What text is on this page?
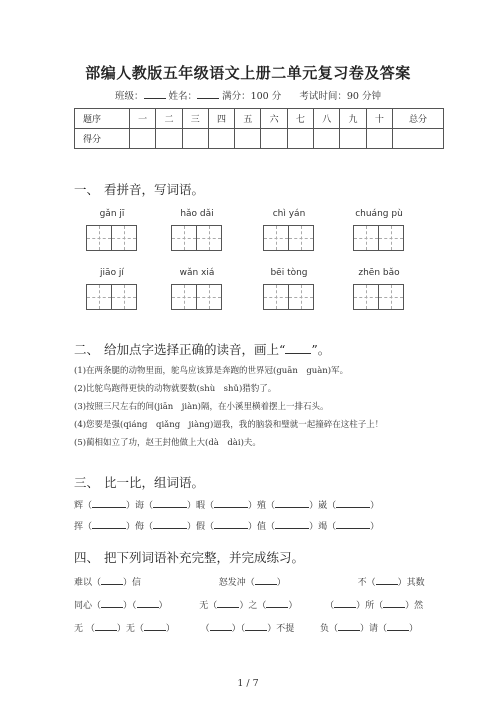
部编人教版五年级语文上册二单元复习卷及答案
班级：	姓名：	满分：100 分 考试时间：90 分钟
题序	一	二	三	四	五	六	七	八	九	十	总分
得分											
一、 看拼音，写词语。
gǎn jī	hǎo dǎi	chì yán	chuáng pù
jiāo jí	wǎn xiá	bēi tòng	zhēn bǎo
二、 给加点字选择正确的读音，画上“ ”。
(1)在两条腿的动物里面，鸵鸟应该算是奔跑的世界冠(guān　guàn)军。
(2)比鸵鸟跑得更快的动物就要数(shù　shǔ)猎豹了。
(3)按照三尺左右的间(jiān　jiàn)隔，在小溪里横着摆上一排石头。
(4)您要是强(qiáng　qiǎng　jiàng)逼我，我的脑袋和璧就一起撞碎在这柱子上！
(5)蔺相如立了功，赵王封他做上大(dà　dài)夫。
三、 比一比，组词语。
辉（	）诲（	）暇（	）殖（	）崴（	）
挥（	）侮（	）假（	）值（	）竭（	）
四、 把下列词语补充完整，并完成练习。
难以（ ）信	怒发冲（ ）	不（ ）其数
同心（ ）（ ）	无（ ）之（ ）	（ ）所（ ）然
无 （ ）无（ ）	（ ）（ ）不提	负（ ）请（ ）
1 / 7
